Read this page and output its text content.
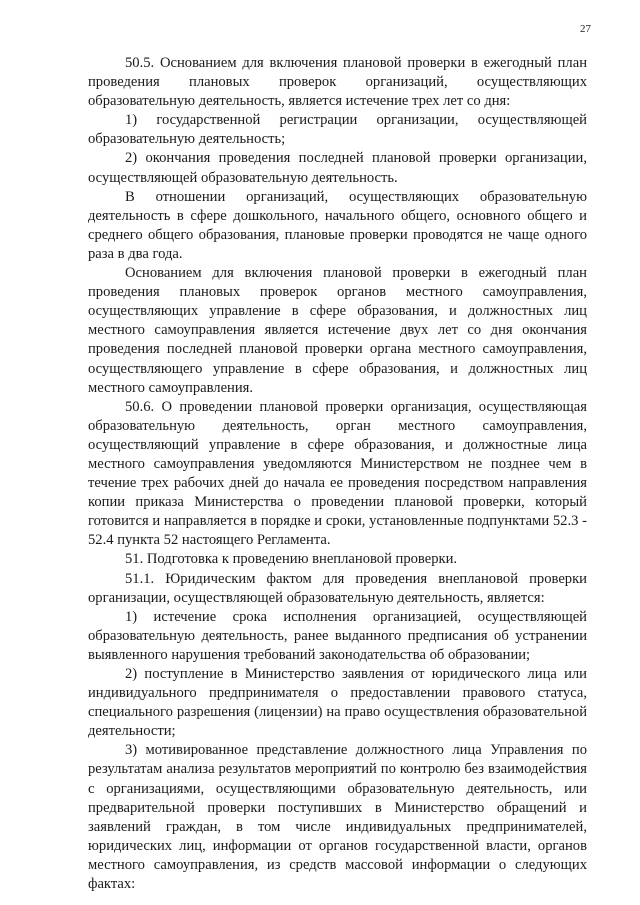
27

50.5. Основанием для включения плановой проверки в ежегодный план проведения плановых проверок организаций, осуществляющих образовательную деятельность, является истечение трех лет со дня:

1) государственной регистрации организации, осуществляющей образовательную деятельность;

2) окончания проведения последней плановой проверки организации, осуществляющей образовательную деятельность.

В отношении организаций, осуществляющих образовательную деятельность в сфере дошкольного, начального общего, основного общего и среднего общего образования, плановые проверки проводятся не чаще одного раза в два года.

Основанием для включения плановой проверки в ежегодный план проведения плановых проверок органов местного самоуправления, осуществляющих управление в сфере образования, и должностных лиц местного самоуправления является истечение двух лет со дня окончания проведения последней плановой проверки органа местного самоуправления, осуществляющего управление в сфере образования, и должностных лиц местного самоуправления.

50.6. О проведении плановой проверки организация, осуществляющая образовательную деятельность, орган местного самоуправления, осуществляющий управление в сфере образования, и должностные лица местного самоуправления уведомляются Министерством не позднее чем в течение трех рабочих дней до начала ее проведения посредством направления копии приказа Министерства о проведении плановой проверки, который готовится и направляется в порядке и сроки, установленные подпунктами 52.3 - 52.4 пункта 52 настоящего Регламента.

51. Подготовка к проведению внеплановой проверки.

51.1. Юридическим фактом для проведения внеплановой проверки организации, осуществляющей образовательную деятельность, является:

1) истечение срока исполнения организацией, осуществляющей образовательную деятельность, ранее выданного предписания об устранении выявленного нарушения требований законодательства об образовании;

2) поступление в Министерство заявления от юридического лица или индивидуального предпринимателя о предоставлении правового статуса, специального разрешения (лицензии) на право осуществления образовательной деятельности;

3) мотивированное представление должностного лица Управления по результатам анализа результатов мероприятий по контролю без взаимодействия с организациями, осуществляющими образовательную деятельность, или предварительной проверки поступивших в Министерство обращений и заявлений граждан, в том числе индивидуальных предпринимателей, юридических лиц, информации от органов государственной власти, органов местного самоуправления, из средств массовой информации о следующих фактах:
